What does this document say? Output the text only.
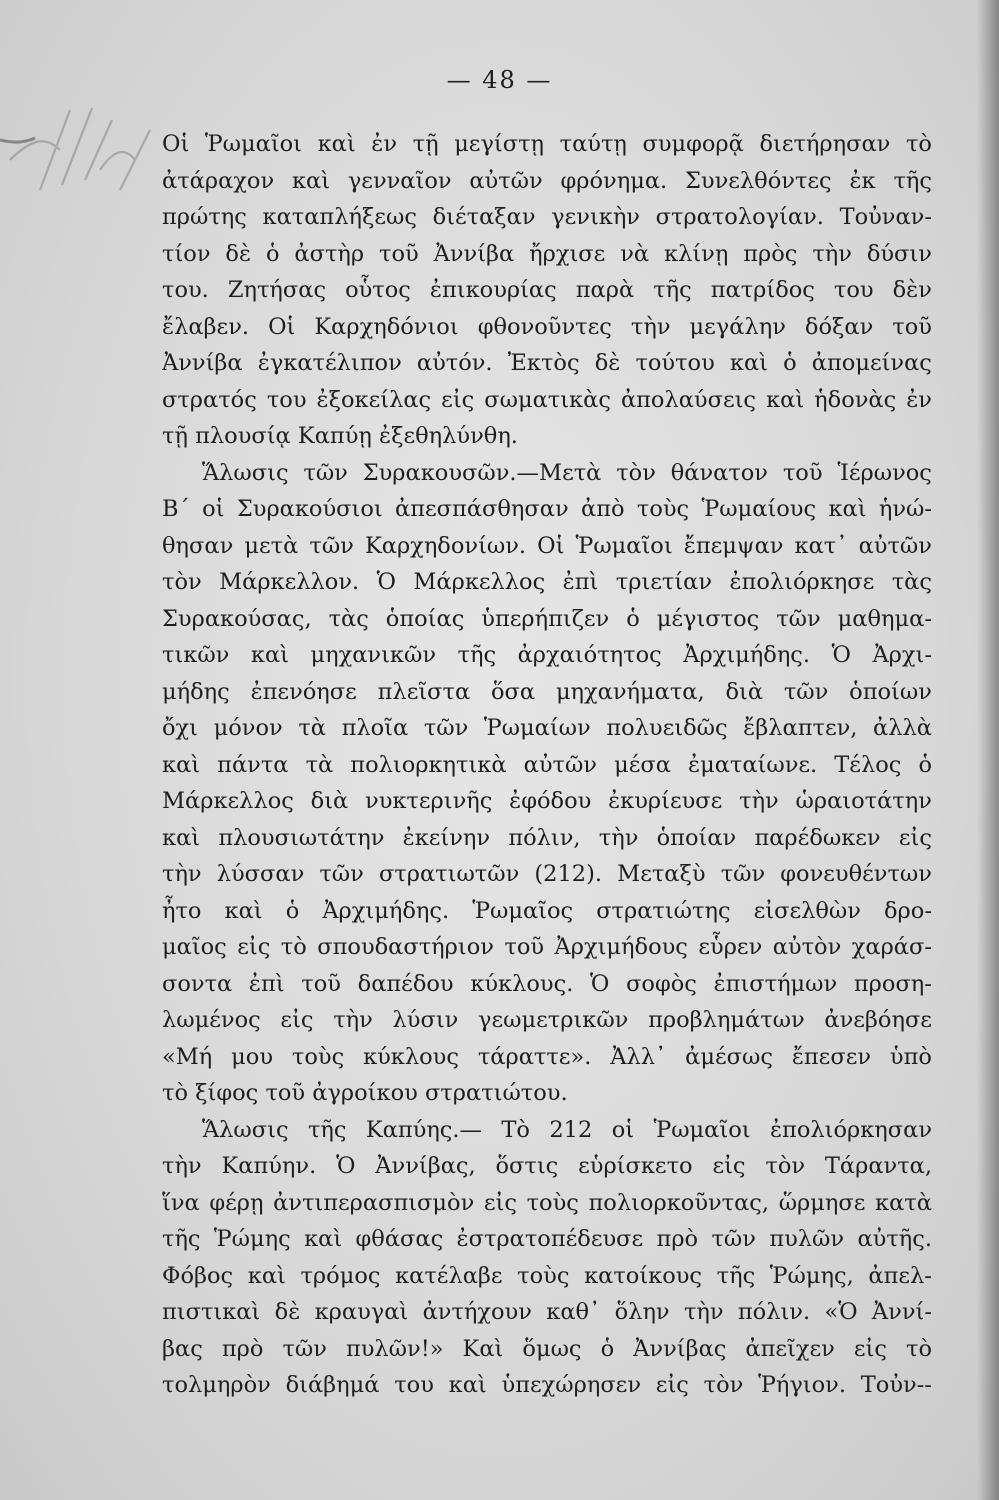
— 48 —
Οἱ Ῥωμαῖοι καὶ ἐν τῇ μεγίστῃ ταύτῃ συμφορᾷ διετήρησαν τὸ
ἀτάραχον καὶ γενναῖον αὐτῶν φρόνημα. Συνελθόντες ἐκ τῆς
πρώτης καταπλήξεως διέταξαν γενικὴν στρατολογίαν. Τοὐναν-
τίον δὲ ὁ ἀστὴρ τοῦ Ἀννίβα ἤρχισε νὰ κλίνῃ πρὸς τὴν δύσιν
του. Ζητήσας οὗτος ἐπικουρίας παρὰ τῆς πατρίδος του δὲν
ἔλαβεν. Οἱ Καρχηδόνιοι φθονοῦντες τὴν μεγάλην δόξαν τοῦ
Ἀννίβα ἐγκατέλιπον αὐτόν. Ἐκτὸς δὲ τούτου καὶ ὁ ἀπομείνας
στρατός του ἐξοκείλας εἰς σωματικὰς ἀπολαύσεις καὶ ἡδονὰς ἐν
τῇ πλουσίᾳ Καπύῃ ἐξεθηλύνθη.
Ἅλωσις τῶν Συρακουσῶν.—Μετὰ τὸν θάνατον τοῦ Ἱέρωνος
Β΄ οἱ Συρακούσιοι ἀπεσπάσθησαν ἀπὸ τοὺς Ῥωμαίους καὶ ἡνώ-
θησαν μετὰ τῶν Καρχηδονίων. Οἱ Ῥωμαῖοι ἔπεμψαν κατ᾽ αὐτῶν
τὸν Μάρκελλον. Ὁ Μάρκελλος ἐπὶ τριετίαν ἐπολιόρκησε τὰς
Συρακούσας, τὰς ὁποίας ὑπερήπιζεν ὁ μέγιστος τῶν μαθημα-
τικῶν καὶ μηχανικῶν τῆς ἀρχαιότητος Ἀρχιμήδης. Ὁ Ἀρχι-
μήδης ἐπενόησε πλεῖστα ὅσα μηχανήματα, διὰ τῶν ὁποίων
ὄχι μόνον τὰ πλοῖα τῶν Ῥωμαίων πολυειδῶς ἔβλαπτεν, ἀλλὰ
καὶ πάντα τὰ πολιορκητικὰ αὐτῶν μέσα ἐματαίωνε. Τέλος ὁ
Μάρκελλος διὰ νυκτερινῆς ἐφόδου ἐκυρίευσε τὴν ὡραιοτάτην
καὶ πλουσιωτάτην ἐκείνην πόλιν, τὴν ὁποίαν παρέδωκεν εἰς
τὴν λύσσαν τῶν στρατιωτῶν (212). Μεταξὺ τῶν φονευθέντων
ἦτο καὶ ὁ Ἀρχιμήδης. Ῥωμαῖος στρατιώτης εἰσελθὼν δρο-
μαῖος εἰς τὸ σπουδαστήριον τοῦ Ἀρχιμήδους εὗρεν αὐτὸν χαράσ-
σοντα ἐπὶ τοῦ δαπέδου κύκλους. Ὁ σοφὸς ἐπιστήμων προση-
λωμένος εἰς τὴν λύσιν γεωμετρικῶν προβλημάτων ἀνεβόησε
«Μή μου τοὺς κύκλους τάραττε». Ἀλλ᾽ ἀμέσως ἔπεσεν ὑπὸ
τὸ ξίφος τοῦ ἀγροίκου στρατιώτου.
Ἅλωσις τῆς Καπύης.— Τὸ 212 οἱ Ῥωμαῖοι ἐπολιόρκησαν
τὴν Καπύην. Ὁ Ἀννίβας, ὅστις εὑρίσκετο εἰς τὸν Τάραντα,
ἵνα φέρῃ ἀντιπερασπισμὸν εἰς τοὺς πολιορκοῦντας, ὥρμησε κατὰ
τῆς Ῥώμης καὶ φθάσας ἐστρατοπέδευσε πρὸ τῶν πυλῶν αὐτῆς.
Φόβος καὶ τρόμος κατέλαβε τοὺς κατοίκους τῆς Ῥώμης, ἀπελ-
πιστικαὶ δὲ κραυγαὶ ἀντήχουν καθ᾽ ὅλην τὴν πόλιν. «Ὁ Ἀννί-
βας πρὸ τῶν πυλῶν!» Καὶ ὅμως ὁ Ἀννίβας ἀπεῖχεν εἰς τὸ
τολμηρὸν διάβημά του καὶ ὑπεχώρησεν εἰς τὸν Ῥήγιον. Τοὐν--
